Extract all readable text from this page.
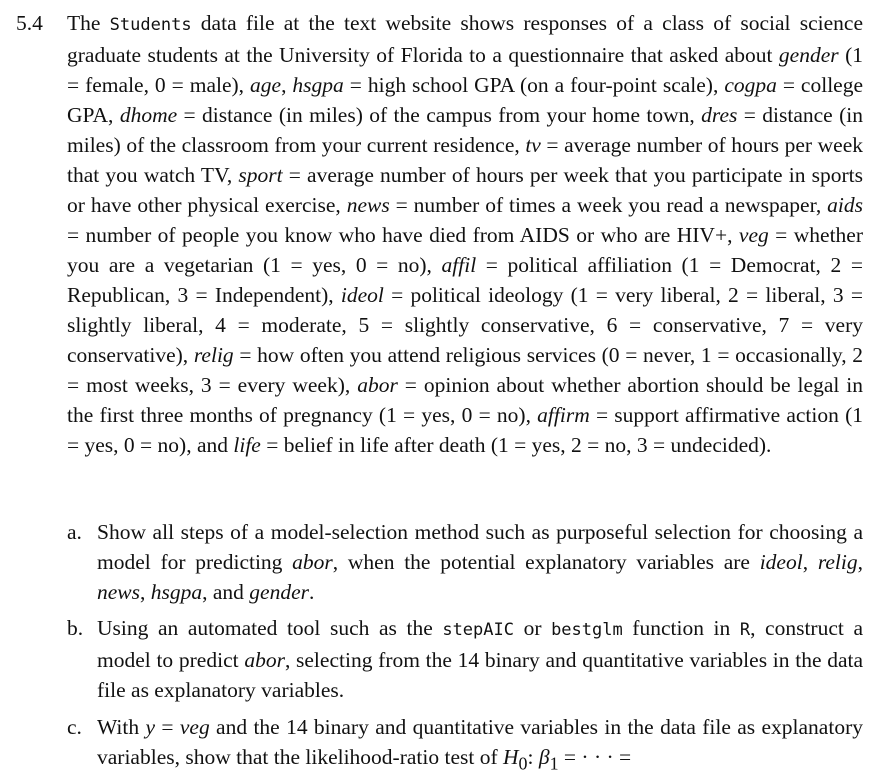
5.4 The Students data file at the text website shows responses of a class of social science graduate students at the University of Florida to a questionnaire that asked about gender (1 = female, 0 = male), age, hsgpa = high school GPA (on a four-point scale), cogpa = college GPA, dhome = distance (in miles) of the campus from your home town, dres = distance (in miles) of the classroom from your current residence, tv = average number of hours per week that you watch TV, sport = average number of hours per week that you participate in sports or have other physical exercise, news = number of times a week you read a newspaper, aids = number of people you know who have died from AIDS or who are HIV+, veg = whether you are a vegetarian (1 = yes, 0 = no), affil = political affiliation (1 = Democrat, 2 = Republican, 3 = Independent), ideol = political ideology (1 = very liberal, 2 = liberal, 3 = slightly liberal, 4 = moderate, 5 = slightly conservative, 6 = conservative, 7 = very conservative), relig = how often you attend religious services (0 = never, 1 = occasionally, 2 = most weeks, 3 = every week), abor = opinion about whether abortion should be legal in the first three months of pregnancy (1 = yes, 0 = no), affirm = support affirmative action (1 = yes, 0 = no), and life = belief in life after death (1 = yes, 2 = no, 3 = undecided).
a. Show all steps of a model-selection method such as purposeful selection for choosing a model for predicting abor, when the potential explanatory variables are ideol, relig, news, hsgpa, and gender.
b. Using an automated tool such as the stepAIC or bestglm function in R, construct a model to predict abor, selecting from the 14 binary and quantitative variables in the data file as explanatory variables.
c. With y = veg and the 14 binary and quantitative variables in the data file as explanatory variables, show that the likelihood-ratio test of $H_0$: $\beta_1$ = · · · =
